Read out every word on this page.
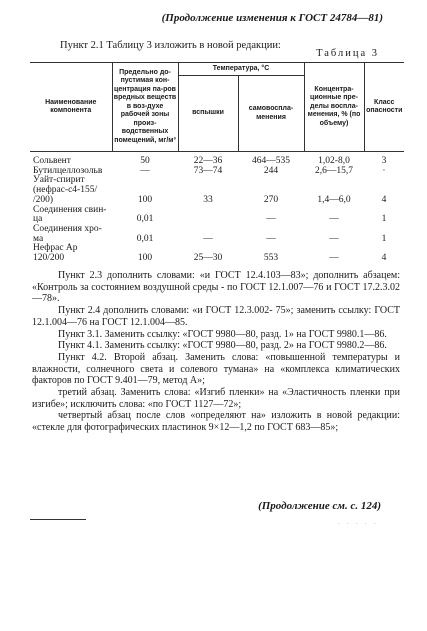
(Продолжение изменения к ГОСТ 24784—81)
Пункт 2.1 Таблицу 3 изложить в новой редакции:
Таблица 3
Наименование компонента	Предельно до-пустимая кон-центрация па-ров вредных веществ в воз-духе рабочей зоны произ-водственных помещений, мг/м³	Температура, °С		Концентра-ционные пре-делы воспла-менения, % (по объему)	Класс опасности
		вспышки	самовоспла-менения		

Сольвент	50	22—36	464—535	1,02-8,0	3

Бутилцеллозольв	—	73—74	244	2,6—15,7	·

Уайт-спирит
(нефрас-с4-155/
/200)	100	33	270	1,4—6,0	4

Соединения свин-
ца	0,01		—	—	1

Соединения хро-
ма	0,01	—	—	—	1

Нефрас Ар
120/200	100	25—30	553	—	4

Пункт 2.3 дополнить словами: «и ГОСТ 12.4.103—83»; дополнить абзацем: «Контроль за состоянием воздушной среды - по ГОСТ 12.1.007—76 и ГОСТ 17.2.3.02—78».

Пункт 2.4 дополнить словами: «и ГОСТ 12.3.002- 75»; заменить ссылку: ГОСТ 12.1.004—76 на ГОСТ 12.1.004—85.

Пункт 3.1. Заменить ссылку: «ГОСТ 9980—80, разд. 1» на ГОСТ 9980.1—86.

Пункт 4.1. Заменить ссылку: «ГОСТ 9980—80, разд. 2» на ГОСТ 9980.2—86.

Пункт 4.2. Второй абзац. Заменить слова: «повышенной температуры и влажности, солнечного света и солевого тумана» на «комплекса климатических факторов по ГОСТ 9.401—79, метод А»;

третий абзац. Заменить слова: «Изгиб пленки» на «Эластичность пленки при изгибе»; исключить слова: «по ГОСТ 1127—72»;

четвертый абзац после слов «определяют на» изложить в новой редакции: «стекле для фотографических пластинок 9×12—1,2 по ГОСТ 683—85»;

(Продолжение см. с. 124)
. . . . .
